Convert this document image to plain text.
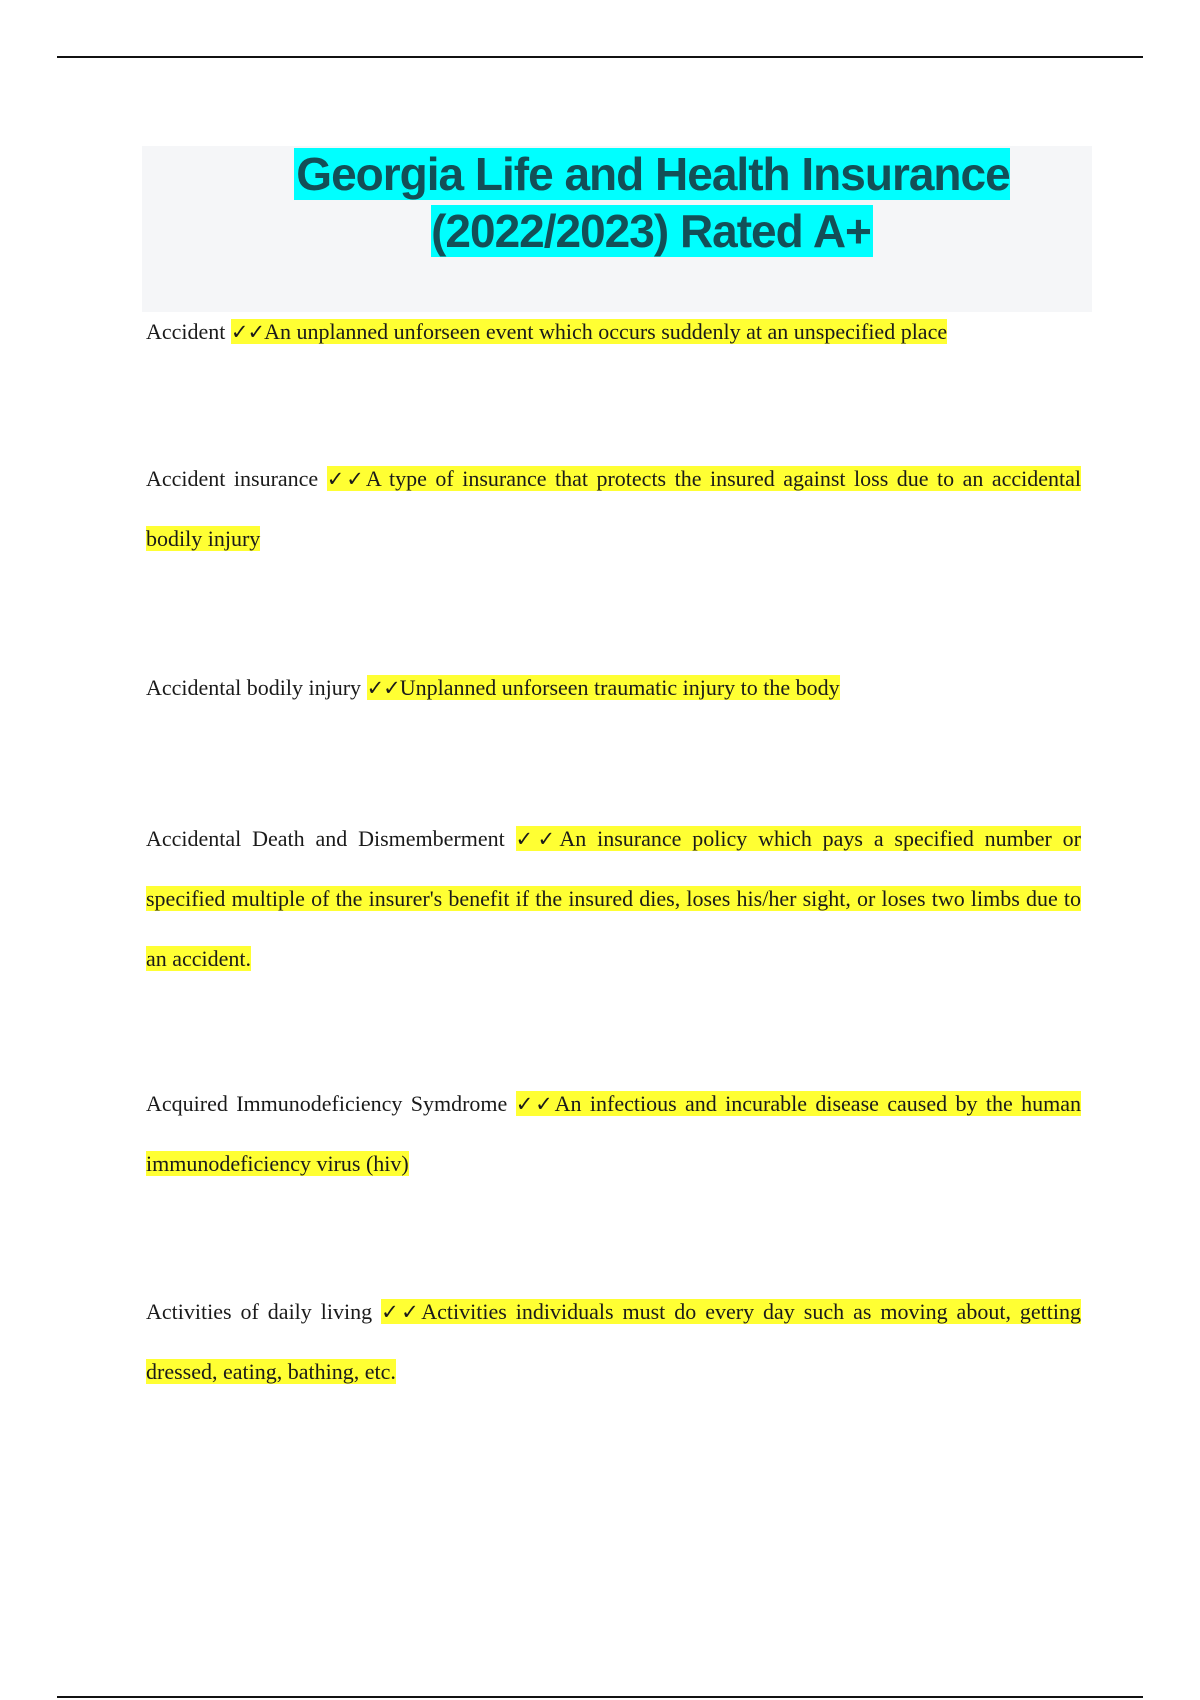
Georgia Life and Health Insurance (2022/2023) Rated A+

Accident ✓✓An unplanned unforseen event which occurs suddenly at an unspecified place

Accident insurance ✓✓A type of insurance that protects the insured against loss due to an accidental bodily injury

Accidental bodily injury ✓✓Unplanned unforseen traumatic injury to the body

Accidental Death and Dismemberment ✓✓An insurance policy which pays a specified number or specified multiple of the insurer's benefit if the insured dies, loses his/her sight, or loses two limbs due to an accident.

Acquired Immunodeficiency Symdrome ✓✓An infectious and incurable disease caused by the human immunodeficiency virus (hiv)

Activities of daily living ✓✓Activities individuals must do every day such as moving about, getting dressed, eating, bathing, etc.
